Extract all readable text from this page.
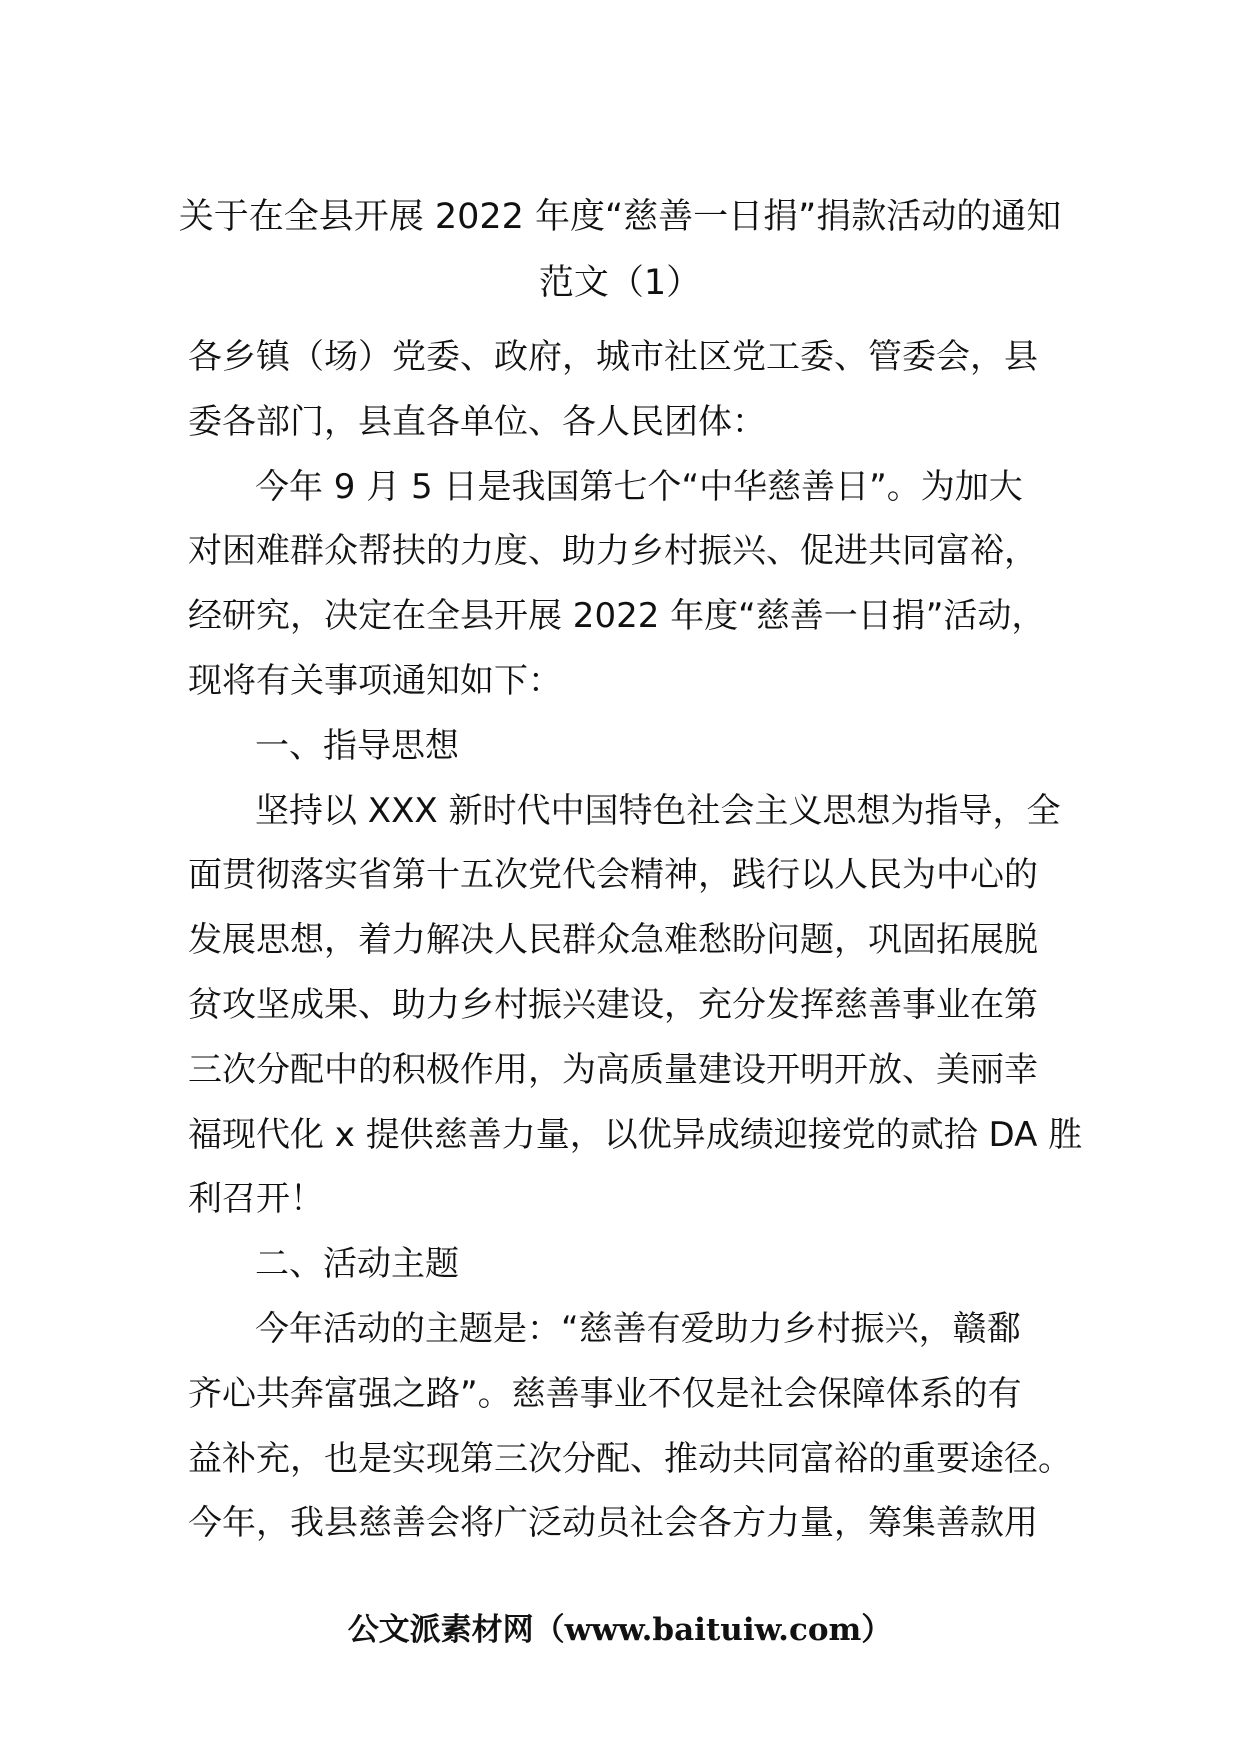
关于在全县开展 2022 年度“慈善一日捐”捐款活动的通知
范文（1）

各乡镇（场）党委、政府，城市社区党工委、管委会，县
委各部门，县直各单位、各人民团体：

今年 9 月 5 日是我国第七个“中华慈善日”。为加大
对困难群众帮扶的力度、助力乡村振兴、促进共同富裕，
经研究，决定在全县开展 2022 年度“慈善一日捐”活动，
现将有关事项通知如下：

一、指导思想

坚持以 XXX 新时代中国特色社会主义思想为指导，全
面贯彻落实省第十五次党代会精神，践行以人民为中心的
发展思想，着力解决人民群众急难愁盼问题，巩固拓展脱
贫攻坚成果、助力乡村振兴建设，充分发挥慈善事业在第
三次分配中的积极作用，为高质量建设开明开放、美丽幸
福现代化 x 提供慈善力量，以优异成绩迎接党的贰拾 DA 胜
利召开！

二、活动主题

今年活动的主题是：“慈善有爱助力乡村振兴，赣鄱
齐心共奔富强之路”。慈善事业不仅是社会保障体系的有
益补充，也是实现第三次分配、推动共同富裕的重要途径。
今年，我县慈善会将广泛动员社会各方力量，筹集善款用

公文派素材网（www.baituiw.com）
